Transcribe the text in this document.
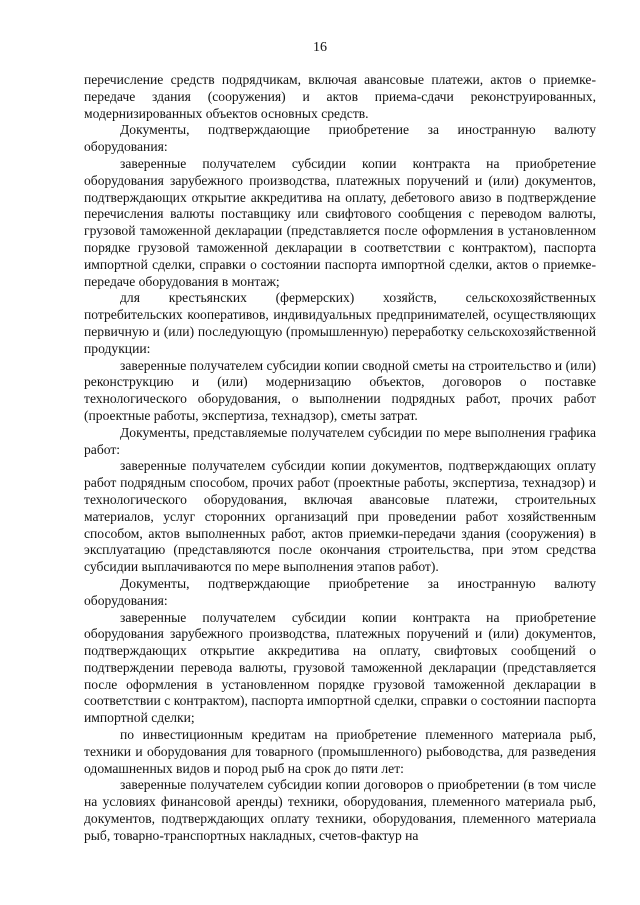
16

перечисление средств подрядчикам, включая авансовые платежи, актов о приемке-передаче здания (сооружения) и актов приема-сдачи реконструированных, модернизированных объектов основных средств.

Документы, подтверждающие приобретение за иностранную валюту оборудования:

заверенные получателем субсидии копии контракта на приобретение оборудования зарубежного производства, платежных поручений и (или) документов, подтверждающих открытие аккредитива на оплату, дебетового авизо в подтверждение перечисления валюты поставщику или свифтового сообщения с переводом валюты, грузовой таможенной декларации (представляется после оформления в установленном порядке грузовой таможенной декларации в соответствии с контрактом), паспорта импортной сделки, справки о состоянии паспорта импортной сделки, актов о приемке-передаче оборудования в монтаж;

для крестьянских (фермерских) хозяйств, сельскохозяйственных потребительских кооперативов, индивидуальных предпринимателей, осуществляющих первичную и (или) последующую (промышленную) переработку сельскохозяйственной продукции:

заверенные получателем субсидии копии сводной сметы на строительство и (или) реконструкцию и (или) модернизацию объектов, договоров о поставке технологического оборудования, о выполнении подрядных работ, прочих работ (проектные работы, экспертиза, технадзор), сметы затрат.

Документы, представляемые получателем субсидии по мере выполнения графика работ:

заверенные получателем субсидии копии документов, подтверждающих оплату работ подрядным способом, прочих работ (проектные работы, экспертиза, технадзор) и технологического оборудования, включая авансовые платежи, строительных материалов, услуг сторонних организаций при проведении работ хозяйственным способом, актов выполненных работ, актов приемки-передачи здания (сооружения) в эксплуатацию (представляются после окончания строительства, при этом средства субсидии выплачиваются по мере выполнения этапов работ).

Документы, подтверждающие приобретение за иностранную валюту оборудования:

заверенные получателем субсидии копии контракта на приобретение оборудования зарубежного производства, платежных поручений и (или) документов, подтверждающих открытие аккредитива на оплату, свифтовых сообщений о подтверждении перевода валюты, грузовой таможенной декларации (представляется после оформления в установленном порядке грузовой таможенной декларации в соответствии с контрактом), паспорта импортной сделки, справки о состоянии паспорта импортной сделки;

по инвестиционным кредитам на приобретение племенного материала рыб, техники и оборудования для товарного (промышленного) рыбоводства, для разведения одомашненных видов и пород рыб на срок до пяти лет:

заверенные получателем субсидии копии договоров о приобретении (в том числе на условиях финансовой аренды) техники, оборудования, племенного материала рыб, документов, подтверждающих оплату техники, оборудования, племенного материала рыб, товарно-транспортных накладных, счетов-фактур на
